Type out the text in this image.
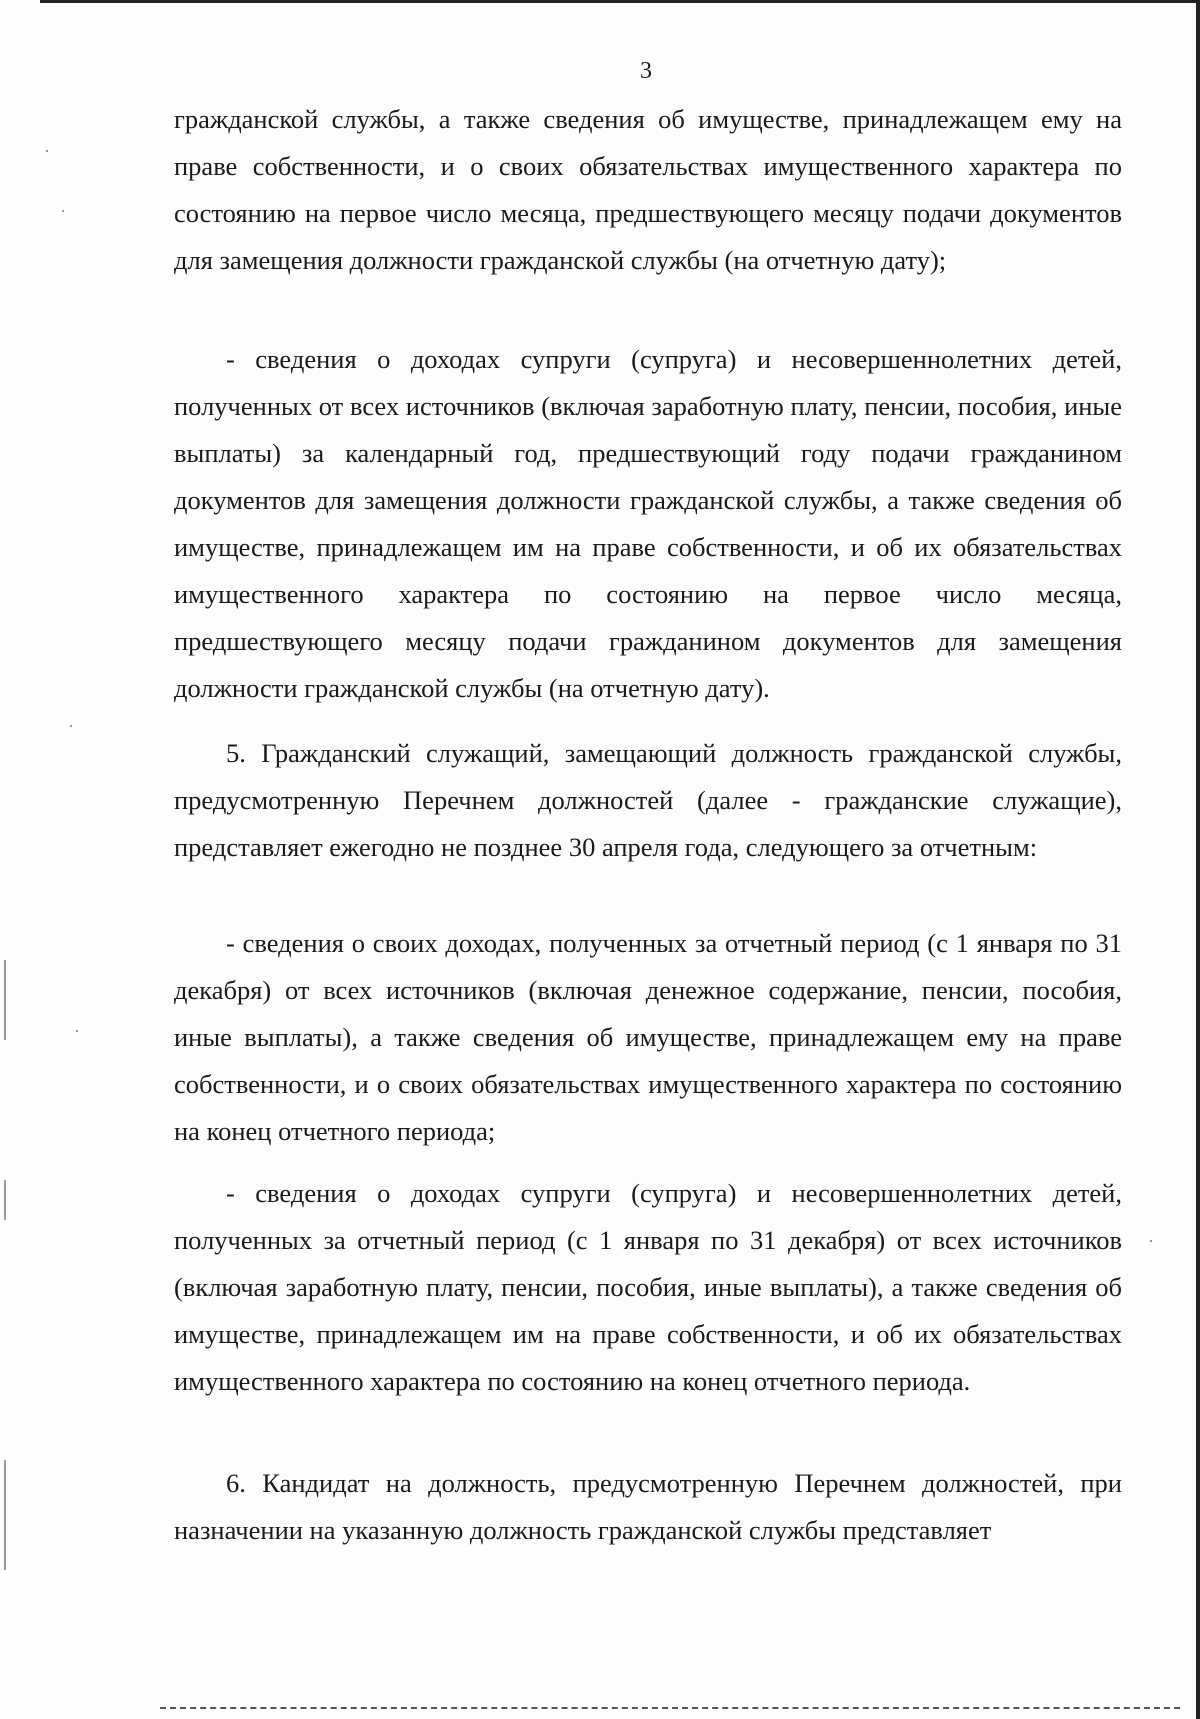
3

гражданской службы, а также сведения об имуществе, принадлежащем ему на праве собственности, и о своих обязательствах имущественного характера по состоянию на первое число месяца, предшествующего месяцу подачи документов для замещения должности гражданской службы (на отчетную дату);

- сведения о доходах супруги (супруга) и несовершеннолетних детей, полученных от всех источников (включая заработную плату, пенсии, пособия, иные выплаты) за календарный год, предшествующий году подачи гражданином документов для замещения должности гражданской службы, а также сведения об имуществе, принадлежащем им на праве собственности, и об их обязательствах имущественного характера по состоянию на первое число месяца, предшествующего месяцу подачи гражданином документов для замещения должности гражданской службы (на отчетную дату).

5. Гражданский служащий, замещающий должность гражданской службы, предусмотренную Перечнем должностей (далее - гражданские служащие), представляет ежегодно не позднее 30 апреля года, следующего за отчетным:

- сведения о своих доходах, полученных за отчетный период (с 1 января по 31 декабря) от всех источников (включая денежное содержание, пенсии, пособия, иные выплаты), а также сведения об имуществе, принадлежащем ему на праве собственности, и о своих обязательствах имущественного характера по состоянию на конец отчетного периода;

- сведения о доходах супруги (супруга) и несовершеннолетних детей, полученных за отчетный период (с 1 января по 31 декабря) от всех источников (включая заработную плату, пенсии, пособия, иные выплаты), а также сведения об имуществе, принадлежащем им на праве собственности, и об их обязательствах имущественного характера по состоянию на конец отчетного периода.

6. Кандидат на должность, предусмотренную Перечнем должностей, при назначении на указанную должность гражданской службы представляет
